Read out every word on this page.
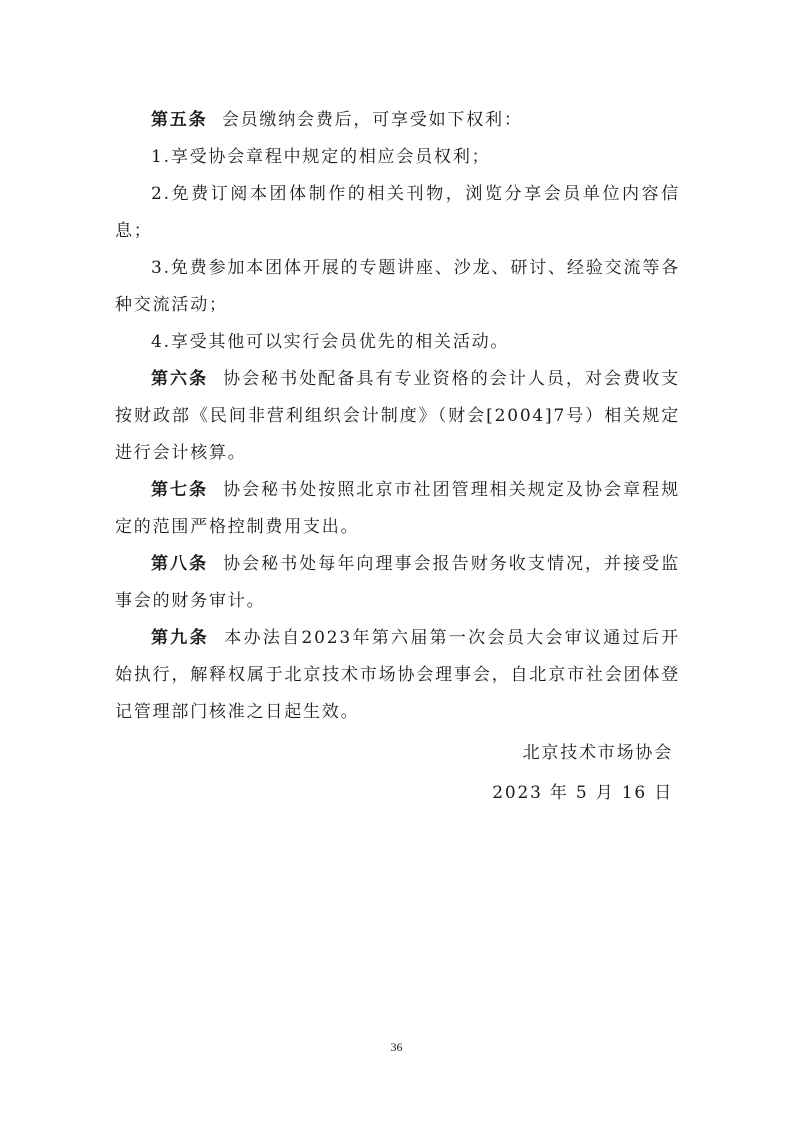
第五条 会员缴纳会费后，可享受如下权利：

1.享受协会章程中规定的相应会员权利；

2.免费订阅本团体制作的相关刊物，浏览分享会员单位内容信息；

3.免费参加本团体开展的专题讲座、沙龙、研讨、经验交流等各种交流活动；

4.享受其他可以实行会员优先的相关活动。

第六条 协会秘书处配备具有专业资格的会计人员，对会费收支按财政部《民间非营利组织会计制度》（财会[2004]7号）相关规定进行会计核算。

第七条 协会秘书处按照北京市社团管理相关规定及协会章程规定的范围严格控制费用支出。

第八条 协会秘书处每年向理事会报告财务收支情况，并接受监事会的财务审计。

第九条 本办法自2023年第六届第一次会员大会审议通过后开始执行，解释权属于北京技术市场协会理事会，自北京市社会团体登记管理部门核准之日起生效。

北京技术市场协会
2023 年 5 月 16 日
36
